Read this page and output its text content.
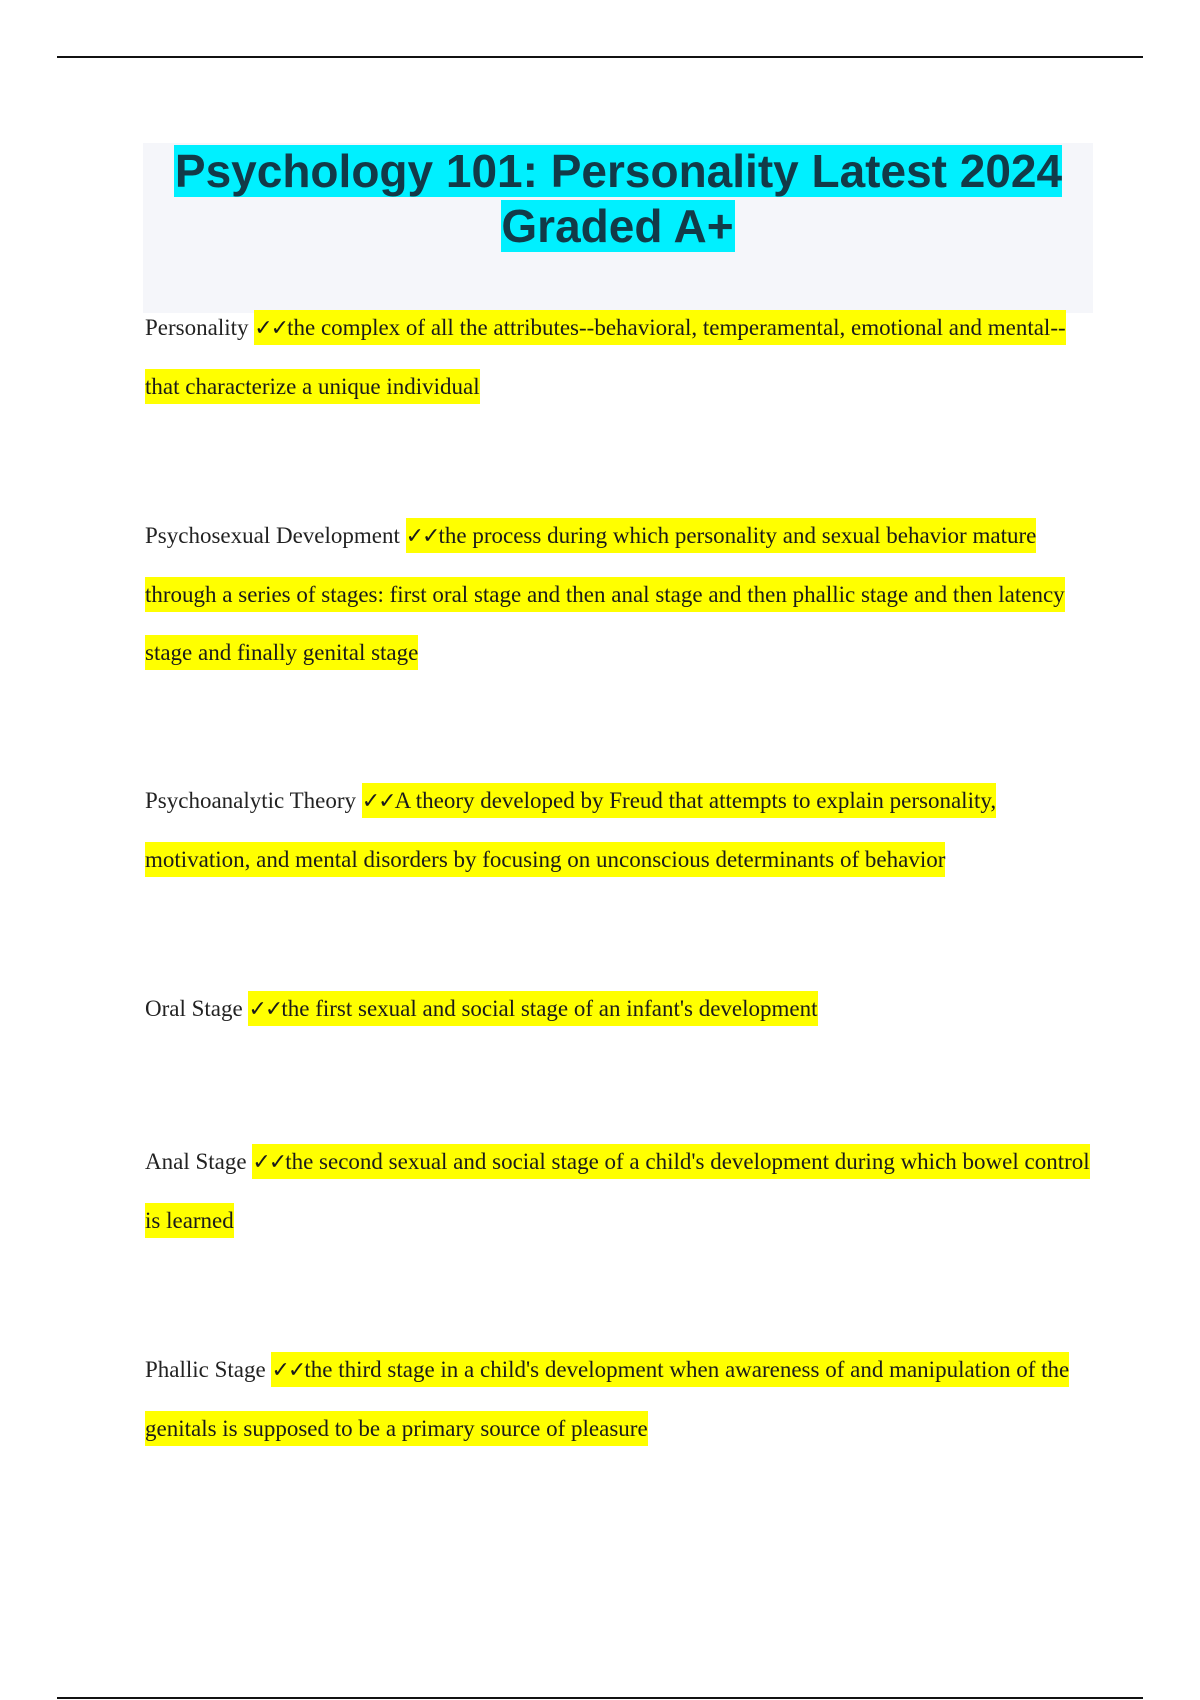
Psychology 101: Personality Latest 2024 Graded A+

Personality ✓✓the complex of all the attributes--behavioral, temperamental, emotional and mental--that characterize a unique individual

Psychosexual Development ✓✓the process during which personality and sexual behavior mature through a series of stages: first oral stage and then anal stage and then phallic stage and then latency stage and finally genital stage

Psychoanalytic Theory ✓✓A theory developed by Freud that attempts to explain personality, motivation, and mental disorders by focusing on unconscious determinants of behavior

Oral Stage ✓✓the first sexual and social stage of an infant's development

Anal Stage ✓✓the second sexual and social stage of a child's development during which bowel control is learned

Phallic Stage ✓✓the third stage in a child's development when awareness of and manipulation of the genitals is supposed to be a primary source of pleasure
